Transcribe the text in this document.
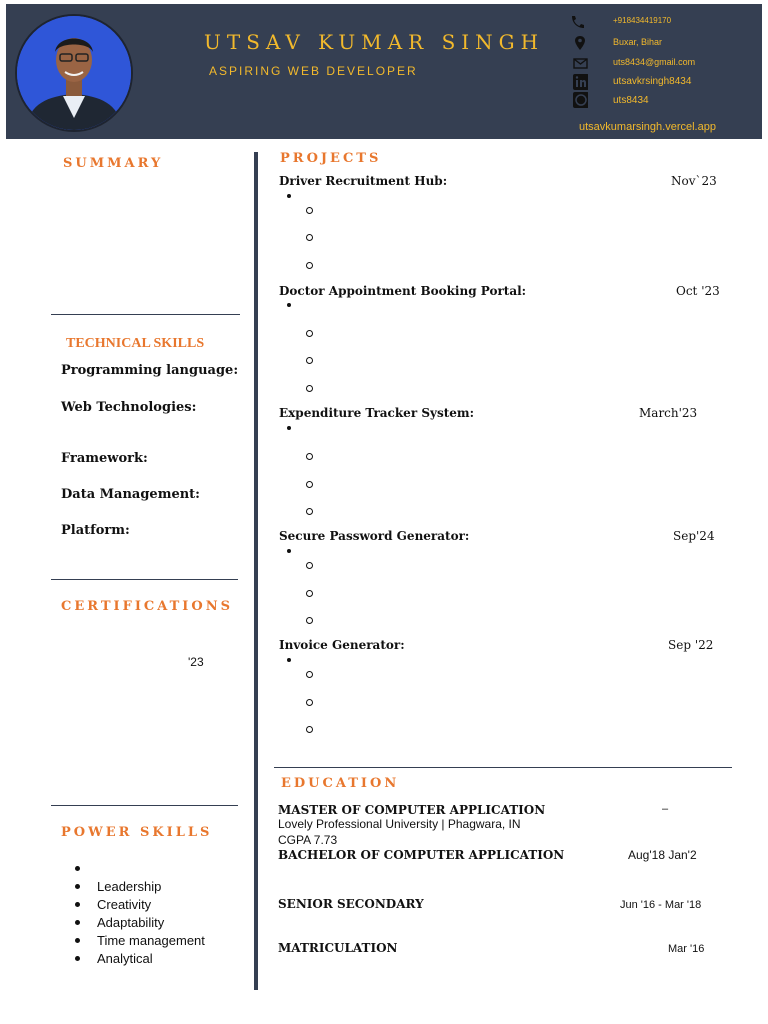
UTSAV KUMAR SINGH
ASPIRING WEB DEVELOPER
+918434419170
Buxar, Bihar
uts8434@gmail.com
utsavkrsingh8434
uts8434
utsavkumarsingh.vercel.app
SUMMARY
TECHNICAL SKILLS
Programming language:
Web Technologies:
Framework:
Data Management:
Platform:
CERTIFICATIONS
'23
POWER SKILLS
Leadership
Creativity
Adaptability
Time management
Analytical
PROJECTS
Driver Recruitment Hub:	Nov`23
Doctor Appointment Booking Portal:	Oct '23
Expenditure Tracker System:	March'23
Secure Password Generator:	Sep'24
Invoice Generator:	Sep '22
EDUCATION
MASTER OF COMPUTER APPLICATION	–
Lovely Professional University | Phagwara, IN
CGPA 7.73
BACHELOR OF COMPUTER APPLICATION	Aug'18 Jan'2
SENIOR SECONDARY	Jun '16 - Mar '18
MATRICULATION	Mar '16
